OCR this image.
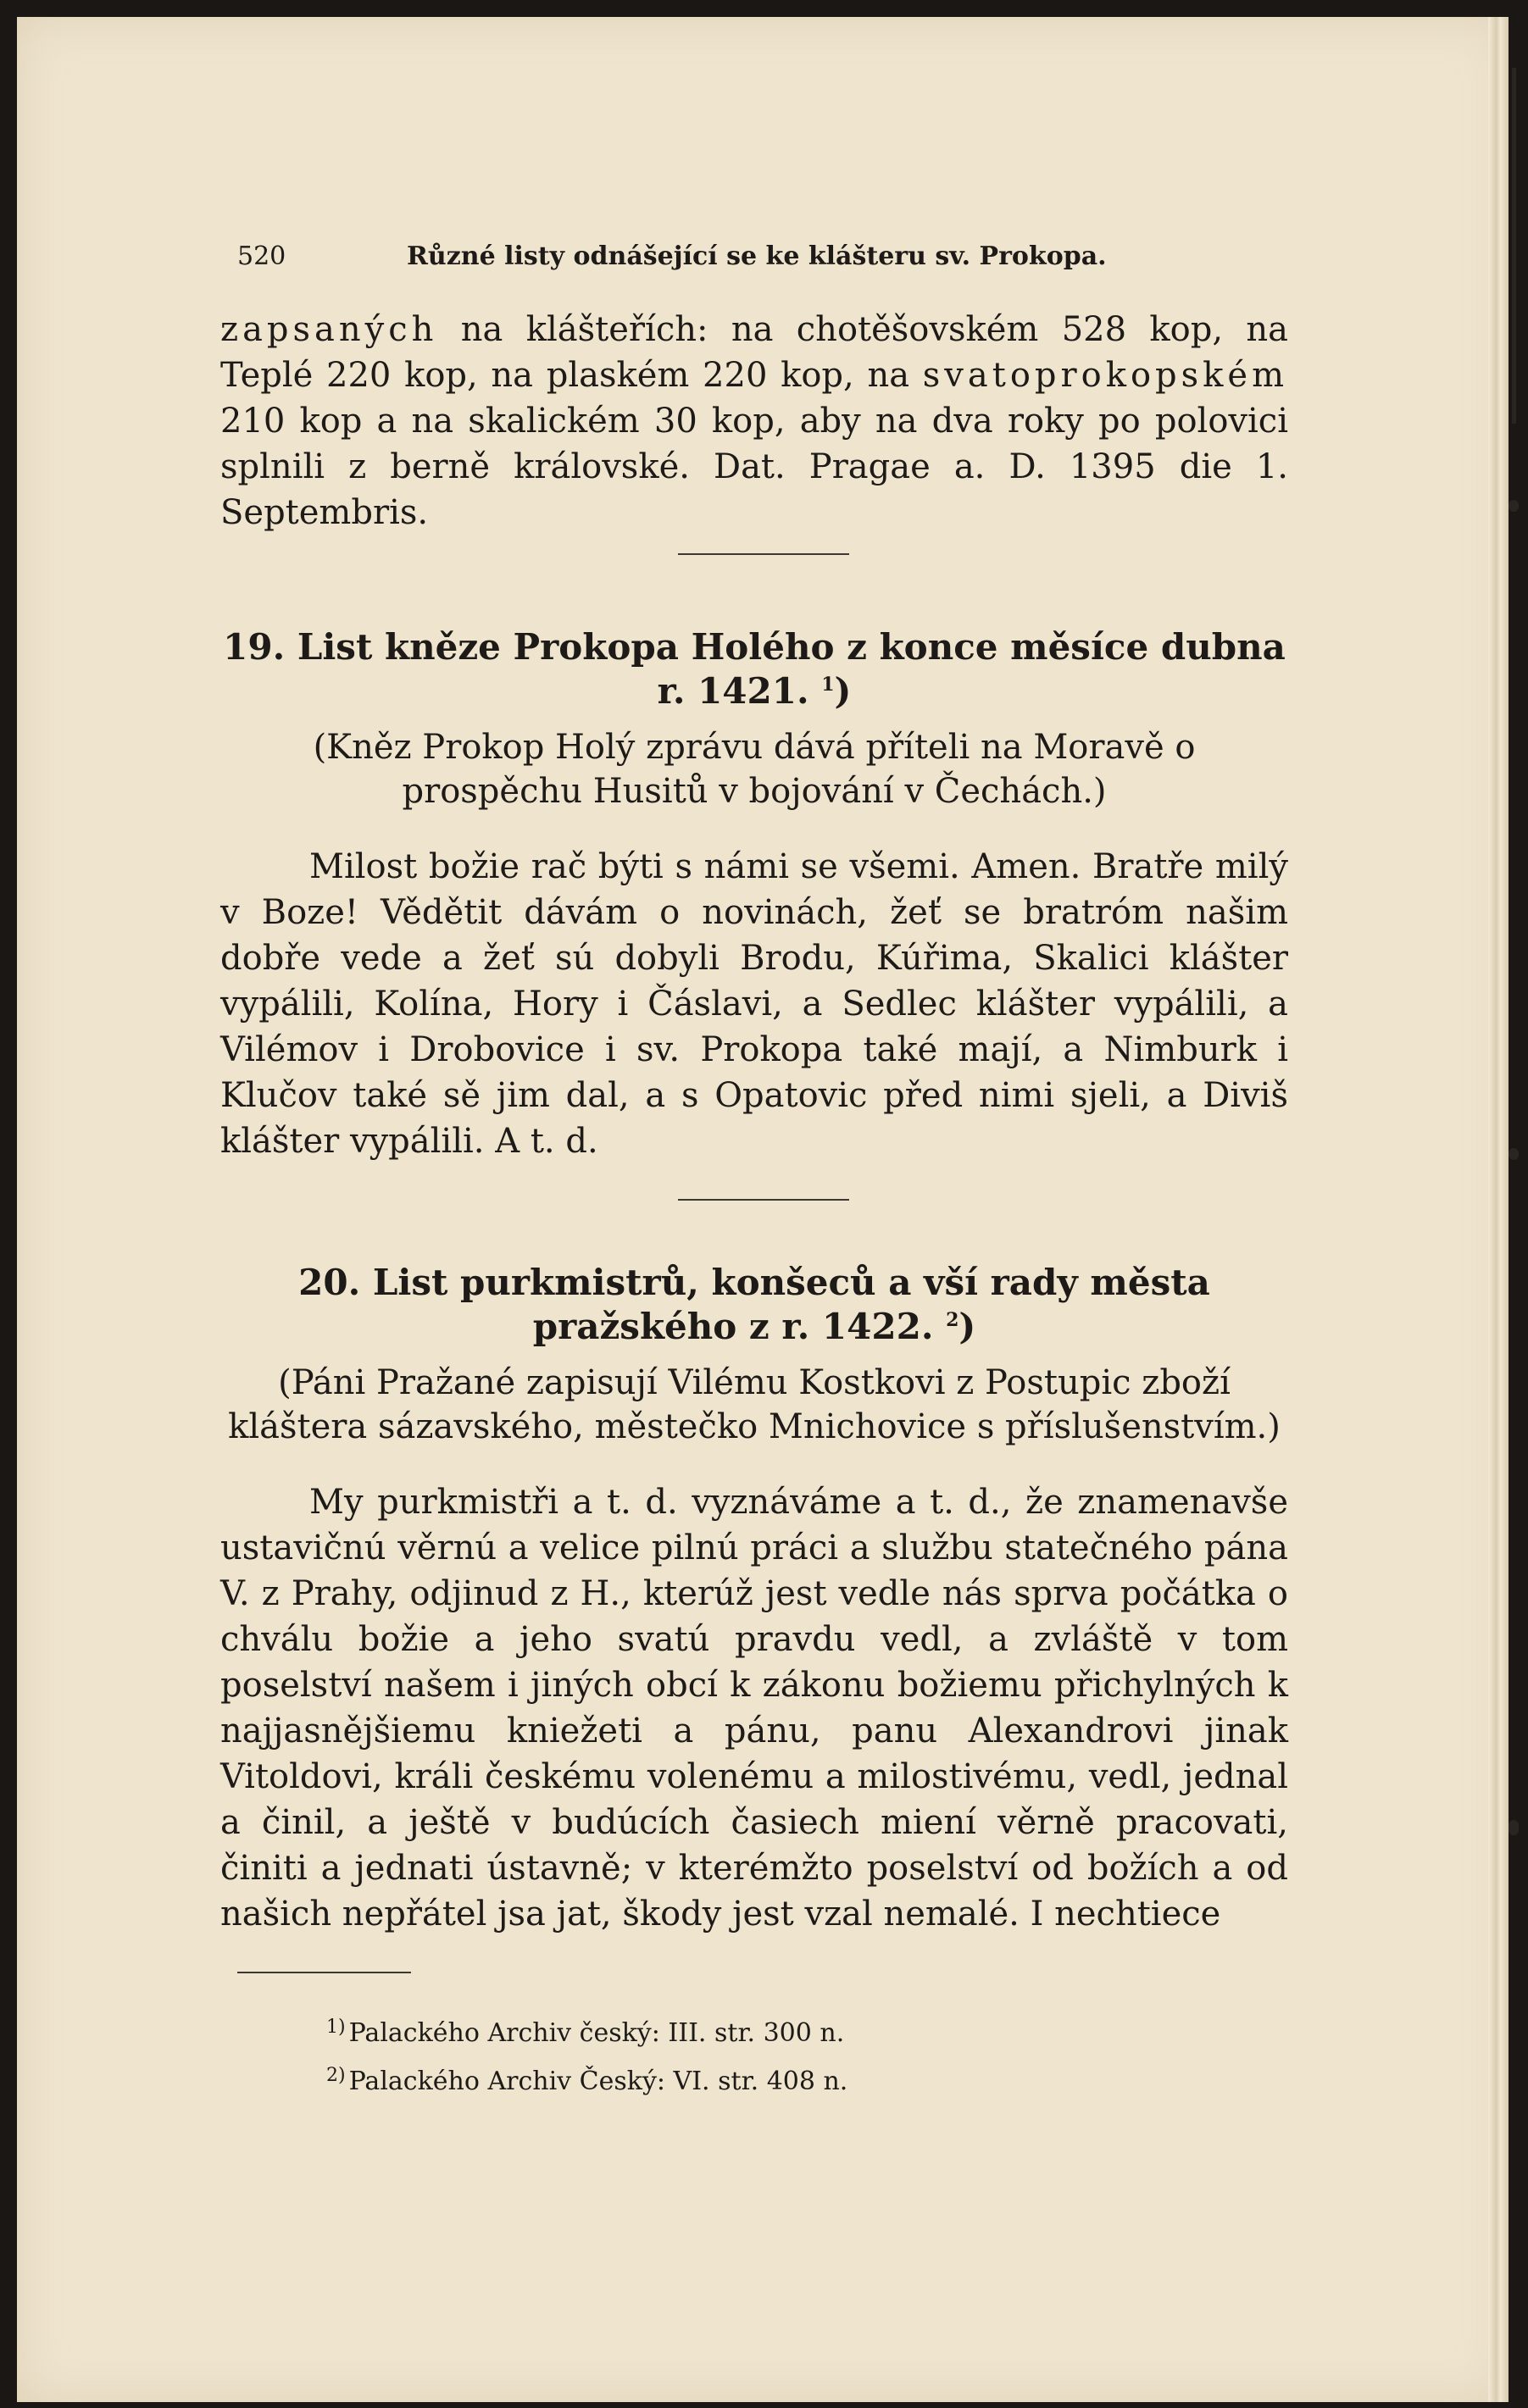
520	Různé listy odnášející se ke klášteru sv. Prokopa.

zapsaných na klášteřích: na chotěšovském 528 kop, na Teplé 220 kop, na plaském 220 kop, na svatoprokopském 210 kop a na skalickém 30 kop, aby na dva roky po polovici splnili z berně královské. Dat. Pragae a. D. 1395 die 1. Septembris.

19. List kněze Prokopa Holého z konce měsíce dubna r. 1421. $^1$)

(Kněz Prokop Holý zprávu dává příteli na Moravě o prospěchu Husitů v bojování v Čechách.)

Milost božie rač býti s námi se všemi. Amen. Bratře milý v Boze! Vědětit dávám o novinách, žeť se bratróm našim dobře vede a žeť sú dobyli Brodu, Kúřima, Skalici klášter vypálili, Kolína, Hory i Čáslavi, a Sedlec klášter vypálili, a Vilémov i Drobovice i sv. Prokopa také mají, a Nimburk i Klučov také sě jim dal, a s Opatovic před nimi sjeli, a Diviš klášter vypálili. A t. d.

20. List purkmistrů, konšeců a vší rady města pražského z r. 1422. $^2$)

(Páni Pražané zapisují Vilému Kostkovi z Postupic zboží kláštera sázavského, městečko Mnichovice s příslušenstvím.)

My purkmistři a t. d. vyznáváme a t. d., že znamenavše ustavičnú věrnú a velice pilnú práci a službu statečného pána V. z Prahy, odjinud z H., kterúž jest vedle nás sprva počátka o chválu božie a jeho svatú pravdu vedl, a zvláště v tom poselství našem i jiných obcí k zákonu božiemu přichylných k najjasnějšiemu kniežeti a pánu, panu Alexandrovi jinak Vitoldovi, králi českému volenému a milostivému, vedl, jednal a činil, a ještě v budúcích časiech miení věrně pracovati, činiti a jednati ústavně; v kterémžto poselství od božích a od našich nepřátel jsa jat, škody jest vzal nemalé. I nechtiece

$^{1)}$ Palackého Archiv český: III. str. 300 n.
$^{2)}$ Palackého Archiv Český: VI. str. 408 n.
